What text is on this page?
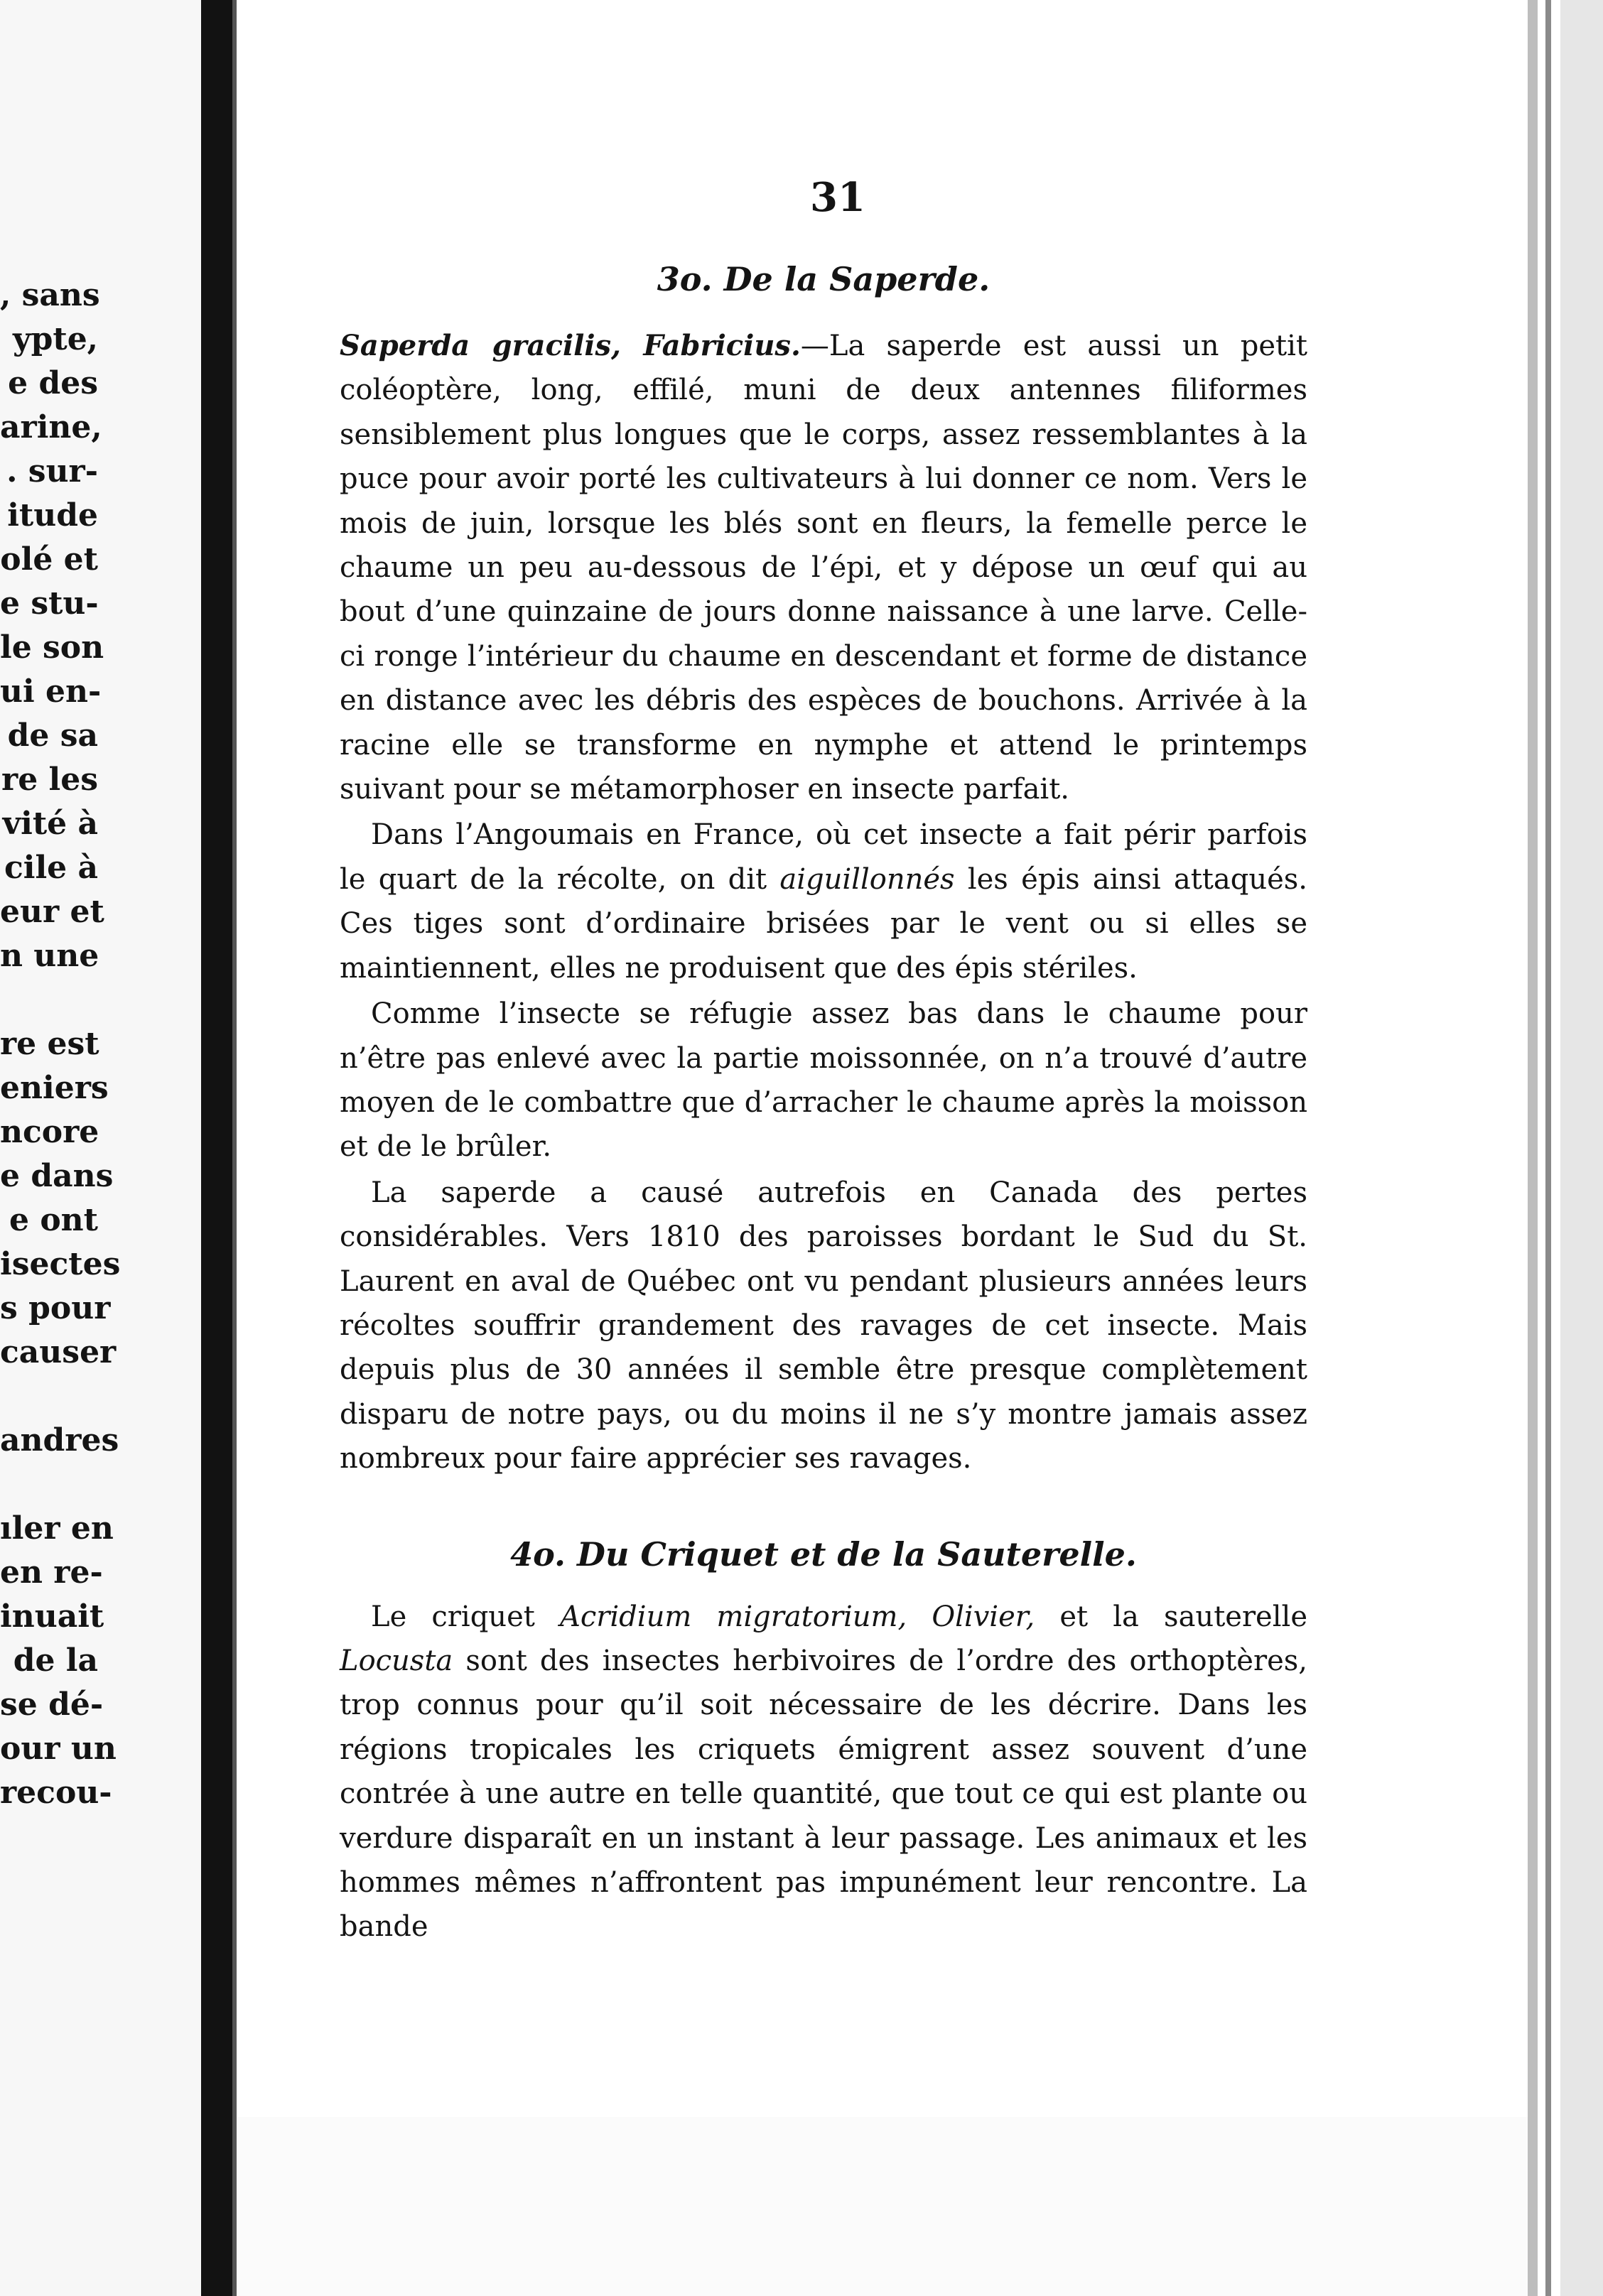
, sans
ypte,
e des
arine,
. sur-
itude
olé et
e stu-
le son
ui en-
de sa
re les
vité à
cile à
eur et
n une
re est
eniers
ncore
e dans
e ont
isectes
s pour
causer
andres
ıler en
en re-
inuait
de la
se dé-
our un
recou-
31
3o. De la Saperde.

Saperda gracilis, Fabricius.—La saperde est aussi un petit coléoptère, long, effilé, muni de deux antennes filiformes sensiblement plus longues que le corps, assez ressemblantes à la puce pour avoir porté les cultivateurs à lui donner ce nom. Vers le mois de juin, lorsque les blés sont en fleurs, la femelle perce le chaume un peu au-dessous de l’épi, et y dépose un œuf qui au bout d’une quinzaine de jours donne naissance à une larve. Celle-ci ronge l’intérieur du chaume en descendant et forme de distance en distance avec les débris des espèces de bouchons. Arrivée à la racine elle se transforme en nymphe et attend le printemps suivant pour se métamorphoser en insecte parfait.

Dans l’Angoumais en France, où cet insecte a fait périr parfois le quart de la récolte, on dit aiguillonnés les épis ainsi attaqués. Ces tiges sont d’ordinaire brisées par le vent ou si elles se maintiennent, elles ne produisent que des épis stériles.

Comme l’insecte se réfugie assez bas dans le chaume pour n’être pas enlevé avec la partie moissonnée, on n’a trouvé d’autre moyen de le combattre que d’arracher le chaume après la moisson et de le brûler.

La saperde a causé autrefois en Canada des pertes considérables. Vers 1810 des paroisses bordant le Sud du St. Laurent en aval de Québec ont vu pendant plusieurs années leurs récoltes souffrir grandement des ravages de cet insecte. Mais depuis plus de 30 années il semble être presque complètement disparu de notre pays, ou du moins il ne s’y montre jamais assez nombreux pour faire apprécier ses ravages.

4o. Du Criquet et de la Sauterelle.

Le criquet Acridium migratorium, Olivier, et la sauterelle Locusta sont des insectes herbivoires de l’ordre des orthoptères, trop connus pour qu’il soit nécessaire de les décrire. Dans les régions tropicales les criquets émigrent assez souvent d’une contrée à une autre en telle quantité, que tout ce qui est plante ou verdure disparaît en un instant à leur passage. Les animaux et les hommes mêmes n’affrontent pas impunément leur rencontre. La bande
